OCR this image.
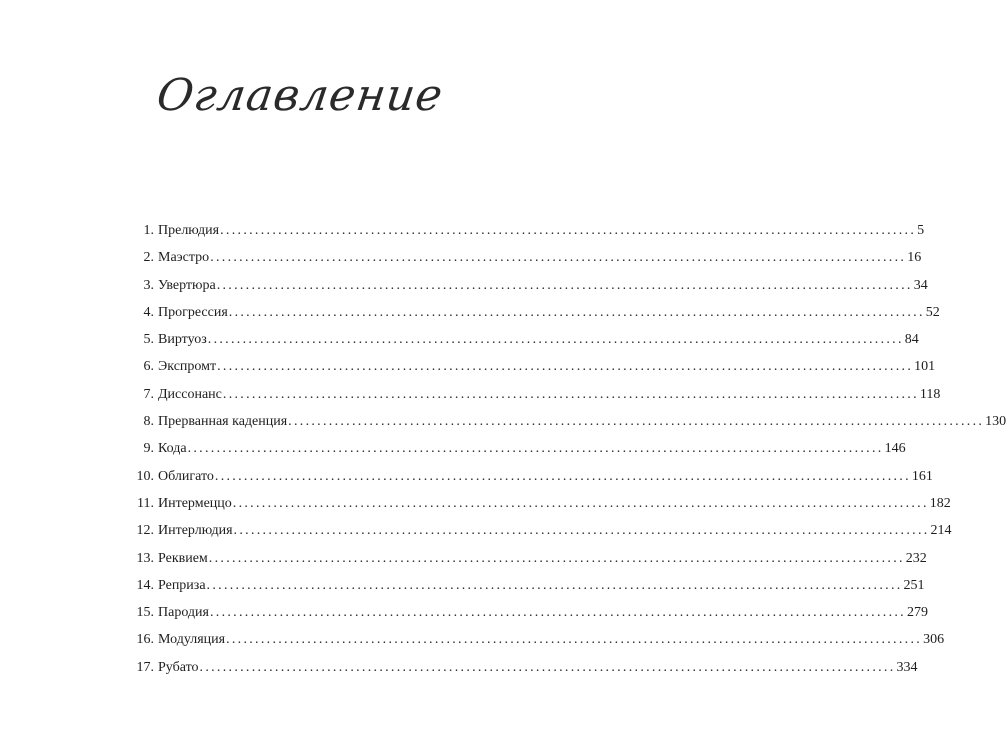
Оглавление
1. Прелюдия ........................................................................................................................ 5
2. Маэстро ........................................................................................................................ 16
3. Увертюра ........................................................................................................................ 34
4. Прогрессия ........................................................................................................................ 52
5. Виртуоз ........................................................................................................................ 84
6. Экспромт ........................................................................................................................ 101
7. Диссонанс ........................................................................................................................ 118
8. Прерванная каденция ........................................................................................................................ 130
9. Кода ........................................................................................................................ 146
10. Облигато ........................................................................................................................ 161
11. Интермеццо ........................................................................................................................ 182
12. Интерлюдия ........................................................................................................................ 214
13. Реквием ........................................................................................................................ 232
14. Реприза ........................................................................................................................ 251
15. Пародия ........................................................................................................................ 279
16. Модуляция ........................................................................................................................ 306
17. Рубато ........................................................................................................................ 334
